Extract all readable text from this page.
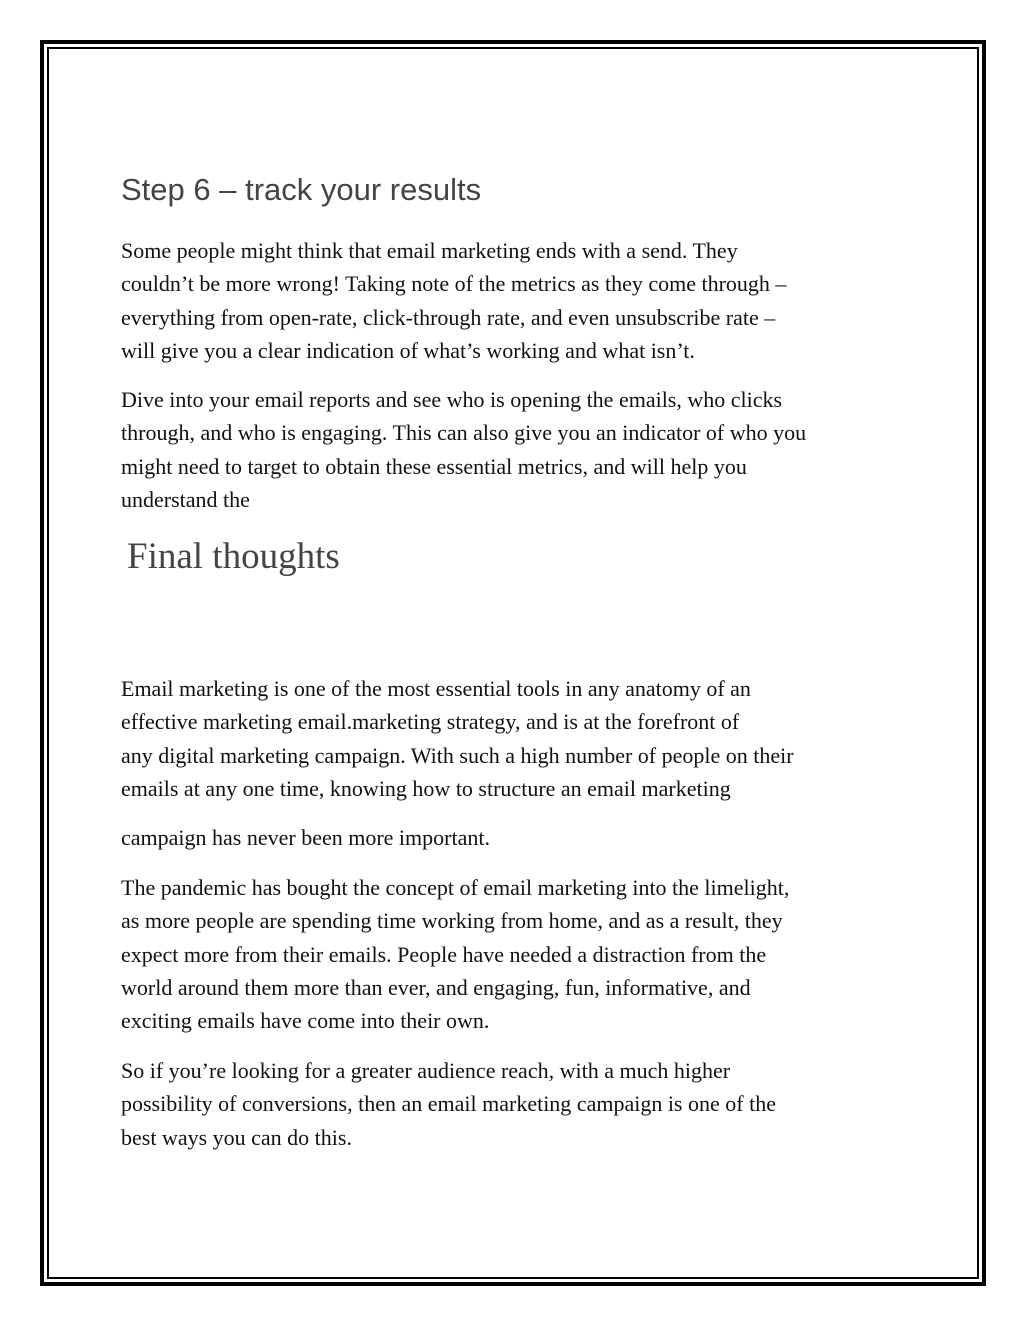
Step 6 – track your results

Some people might think that email marketing ends with a send. They
couldn’t be more wrong! Taking note of the metrics as they come through –
everything from open-rate, click-through rate, and even unsubscribe rate –
will give you a clear indication of what’s working and what isn’t.

Dive into your email reports and see who is opening the emails, who clicks
through, and who is engaging. This can also give you an indicator of who you
might need to target to obtain these essential metrics, and will help you
understand the

Final thoughts

Email marketing is one of the most essential tools in any anatomy of an
effective marketing email.marketing strategy, and is at the forefront of
any digital marketing campaign. With such a high number of people on their
emails at any one time, knowing how to structure an email marketing

campaign has never been more important.

The pandemic has bought the concept of email marketing into the limelight,
as more people are spending time working from home, and as a result, they
expect more from their emails. People have needed a distraction from the
world around them more than ever, and engaging, fun, informative, and
exciting emails have come into their own.

So if you’re looking for a greater audience reach, with a much higher
possibility of conversions, then an email marketing campaign is one of the
best ways you can do this.
